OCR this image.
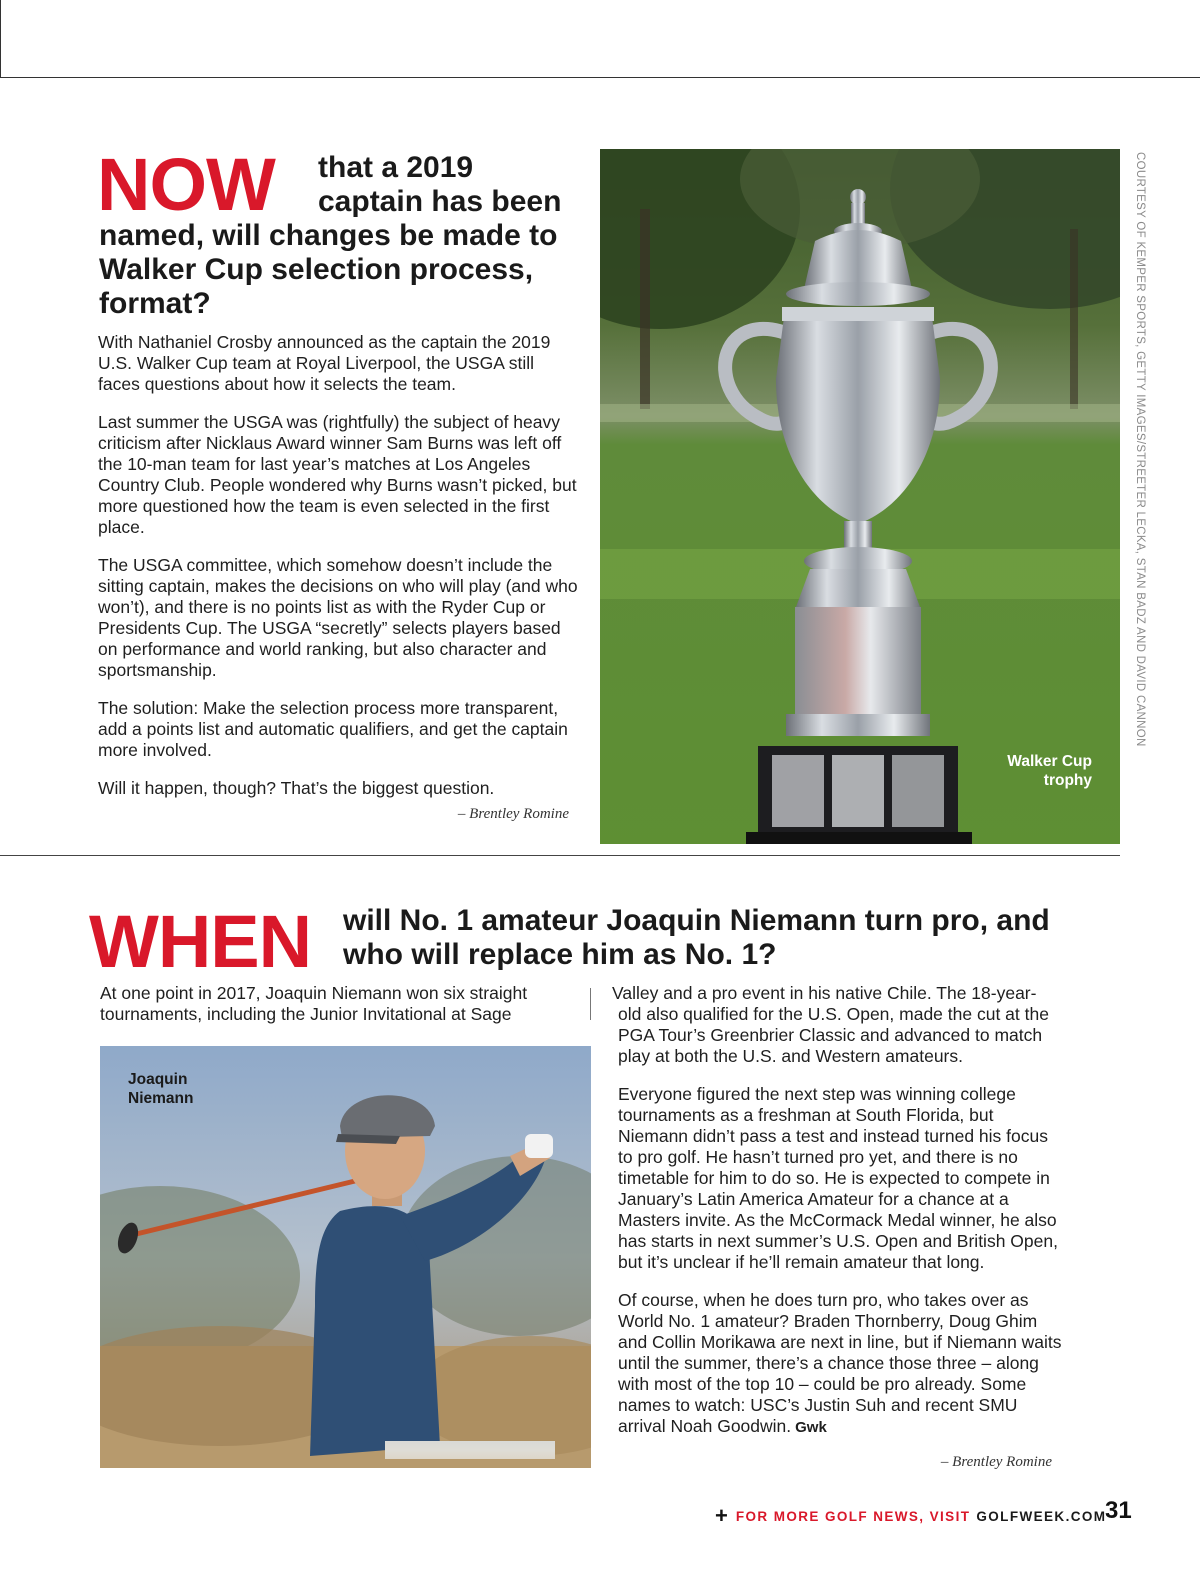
NOW that a 2019 captain has been
named, will changes be made to Walker Cup selection process, format?

With Nathaniel Crosby announced as the captain the 2019 U.S. Walker Cup team at Royal Liverpool, the USGA still faces questions about how it selects the team.

Last summer the USGA was (rightfully) the subject of heavy criticism after Nicklaus Award winner Sam Burns was left off the 10-man team for last year’s matches at Los Angeles Country Club. People wondered why Burns wasn’t picked, but more questioned how the team is even selected in the first place.

The USGA committee, which somehow doesn’t include the sitting captain, makes the decisions on who will play (and who won’t), and there is no points list as with the Ryder Cup or Presidents Cup. The USGA “secretly” selects players based on performance and world ranking, but also character and sportsmanship.

The solution: Make the selection process more transparent, add a points list and automatic qualifiers, and get the captain more involved.

Will it happen, though? That’s the biggest question.

– Brentley Romine
Walker Cup trophy
COURTESY OF KEMPER SPORTS, GETTY IMAGES/STREETER LECKA, STAN BADZ AND DAVID CANNON
WHEN will No. 1 amateur Joaquin Niemann turn pro, and who will replace him as No. 1?
At one point in 2017, Joaquin Niemann won six straight tournaments, including the Junior Invitational at Sage
Valley and a pro event in his native Chile. The 18-year-

old also qualified for the U.S. Open, made the cut at the PGA Tour’s Greenbrier Classic and advanced to match play at both the U.S. and Western amateurs.

Everyone figured the next step was winning college tournaments as a freshman at South Florida, but Niemann didn’t pass a test and instead turned his focus to pro golf. He hasn’t turned pro yet, and there is no timetable for him to do so. He is expected to compete in January’s Latin America Amateur for a chance at a Masters invite. As the McCormack Medal winner, he also has starts in next summer’s U.S. Open and British Open, but it’s unclear if he’ll remain amateur that long.

Of course, when he does turn pro, who takes over as World No. 1 amateur? Braden Thornberry, Doug Ghim and Collin Morikawa are next in line, but if Niemann waits until the summer, there’s a chance those three – along with most of the top 10 – could be pro already. Some names to watch: USC’s Justin Suh and recent SMU arrival Noah Goodwin. Gwk

Joaquin Niemann
– Brentley Romine
+ FOR MORE GOLF NEWS, VISIT GOLFWEEK.COM
31
